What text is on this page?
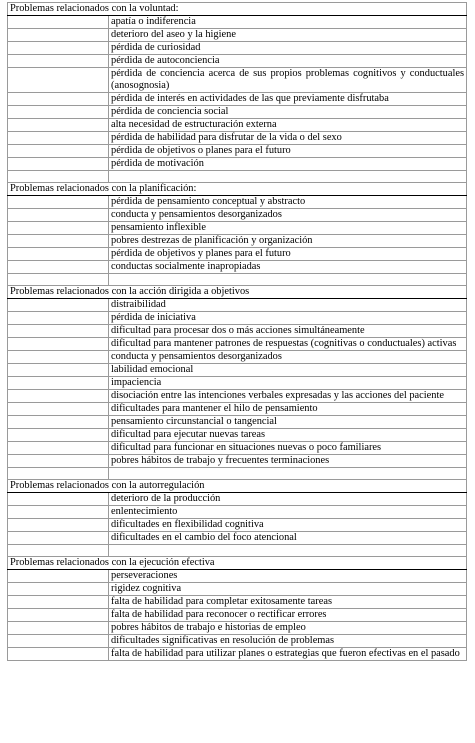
Problemas relacionados con la voluntad:	
	apatía o indiferencia
	deterioro del aseo y la higiene
	pérdida de curiosidad
	pérdida de autoconciencia
	pérdida de conciencia acerca de sus propios problemas cognitivos y conductuales (anosognosia)
	pérdida de interés en actividades de las que previamente disfrutaba
	pérdida de conciencia social
	alta necesidad de estructuración externa
	pérdida de habilidad para disfrutar de la vida o del sexo
	pérdida de objetivos o planes para el futuro
	pérdida de motivación

Problemas relacionados con la planificación:	
	pérdida de pensamiento conceptual y abstracto
	conducta y pensamientos desorganizados
	pensamiento inflexible
	pobres destrezas de planificación y organización
	pérdida de objetivos y planes para el futuro
	conductas socialmente inapropiadas

Problemas relacionados con la acción dirigida a objetivos	
	distraibilidad
	pérdida de iniciativa
	dificultad para procesar dos o más acciones simultáneamente
	dificultad para mantener patrones de respuestas (cognitivas o conductuales) activas
	conducta y pensamientos desorganizados
	labilidad emocional
	impaciencia
	disociación entre las intenciones verbales expresadas y las acciones del paciente
	dificultades para mantener el hilo de pensamiento
	pensamiento circunstancial o tangencial
	dificultad para ejecutar nuevas tareas
	dificultad para funcionar en situaciones nuevas o poco familiares
	pobres hábitos de trabajo y frecuentes terminaciones

Problemas relacionados con la autorregulación	
	deterioro de la producción
	enlentecimiento
	dificultades en flexibilidad cognitiva
	dificultades en el cambio del foco atencional

Problemas relacionados con la ejecución efectiva	
	perseveraciones
	rigidez cognitiva
	falta de habilidad para completar exitosamente tareas
	falta de habilidad para reconocer o rectificar errores
	pobres hábitos de trabajo e historias de empleo
	dificultades significativas en resolución de problemas
	falta de habilidad para utilizar planes o estrategias que fueron efectivas en el pasado
